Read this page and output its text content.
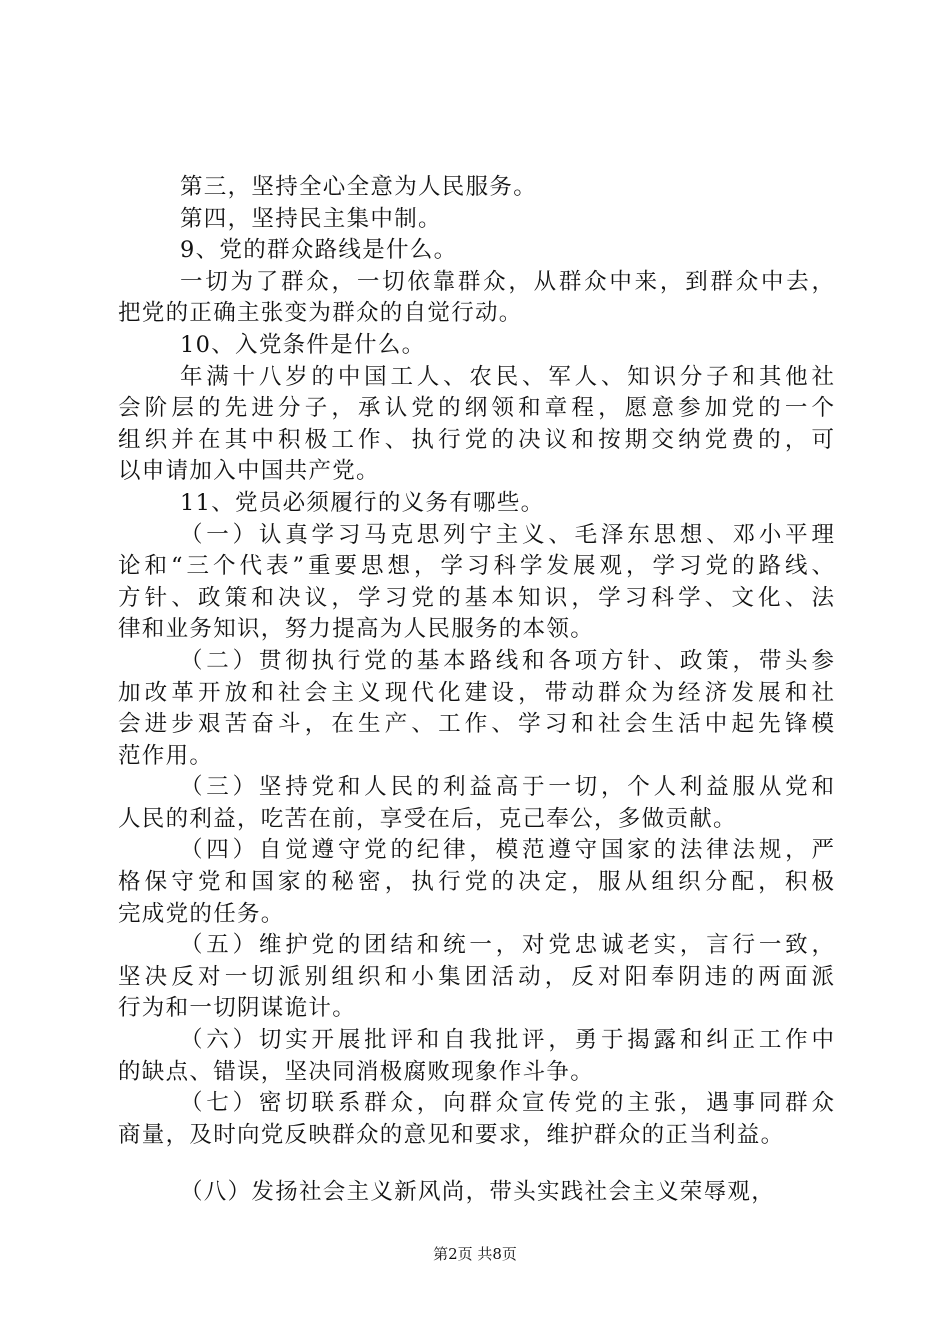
第三，坚持全心全意为人民服务。
第四，坚持民主集中制。
9、党的群众路线是什么。
一切为了群众，一切依靠群众，从群众中来，到群众中去，
把党的正确主张变为群众的自觉行动。
10、入党条件是什么。
年满十八岁的中国工人、农民、军人、知识分子和其他社
会阶层的先进分子，承认党的纲领和章程，愿意参加党的一个
组织并在其中积极工作、执行党的决议和按期交纳党费的，可
以申请加入中国共产党。
11、党员必须履行的义务有哪些。
（一）认真学习马克思列宁主义、毛泽东思想、邓小平理
论和“三个代表”重要思想，学习科学发展观，学习党的路线、
方针、政策和决议，学习党的基本知识，学习科学、文化、法
律和业务知识，努力提高为人民服务的本领。
（二）贯彻执行党的基本路线和各项方针、政策，带头参
加改革开放和社会主义现代化建设，带动群众为经济发展和社
会进步艰苦奋斗，在生产、工作、学习和社会生活中起先锋模
范作用。
（三）坚持党和人民的利益高于一切，个人利益服从党和
人民的利益，吃苦在前，享受在后，克己奉公，多做贡献。
（四）自觉遵守党的纪律，模范遵守国家的法律法规，严
格保守党和国家的秘密，执行党的决定，服从组织分配，积极
完成党的任务。
（五）维护党的团结和统一，对党忠诚老实，言行一致，
坚决反对一切派别组织和小集团活动，反对阳奉阴违的两面派
行为和一切阴谋诡计。
（六）切实开展批评和自我批评，勇于揭露和纠正工作中
的缺点、错误，坚决同消极腐败现象作斗争。
（七）密切联系群众，向群众宣传党的主张，遇事同群众
商量，及时向党反映群众的意见和要求，维护群众的正当利益。
（八）发扬社会主义新风尚，带头实践社会主义荣辱观，
第2页 共8页
